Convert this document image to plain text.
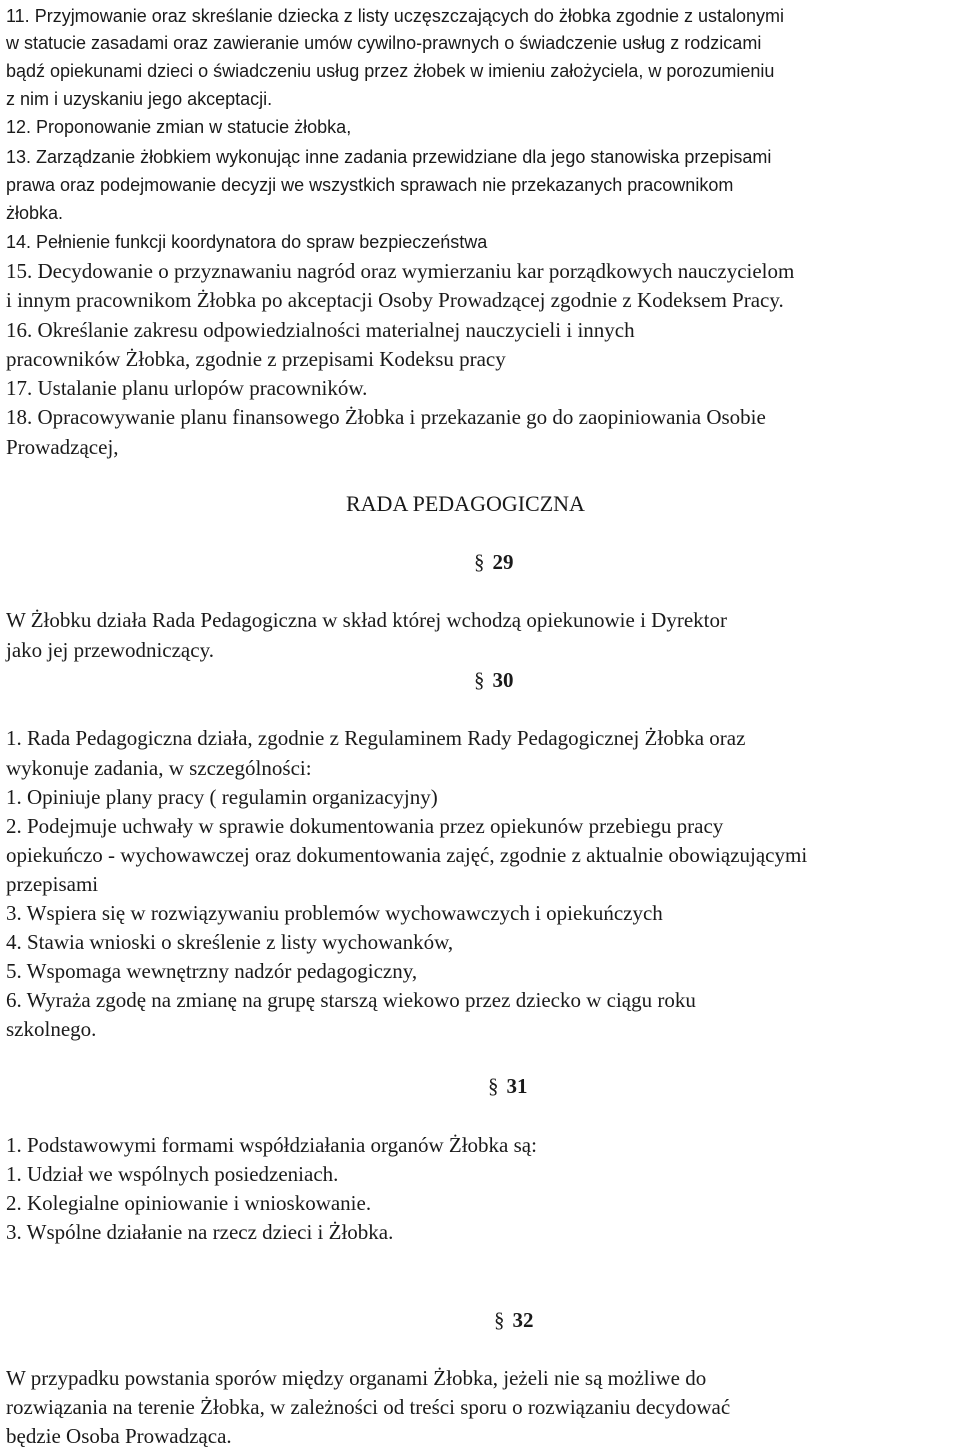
11. Przyjmowanie oraz skreślanie dziecka z listy uczęszczających do żłobka zgodnie z ustalonymi
w statucie zasadami oraz zawieranie umów cywilno-prawnych o świadczenie usług z rodzicami
bądź opiekunami dzieci o świadczeniu usług przez żłobek w imieniu założyciela, w porozumieniu
z nim i uzyskaniu jego akceptacji.
12. Proponowanie zmian w statucie żłobka,
13. Zarządzanie żłobkiem wykonując inne zadania przewidziane dla jego stanowiska przepisami
prawa oraz podejmowanie decyzji we wszystkich sprawach nie przekazanych pracownikom
żłobka.
14. Pełnienie funkcji koordynatora do spraw bezpieczeństwa
15. Decydowanie o przyznawaniu nagród oraz wymierzaniu kar porządkowych nauczycielom
i innym pracownikom Żłobka po akceptacji Osoby Prowadzącej zgodnie z Kodeksem Pracy.
16. Określanie zakresu odpowiedzialności materialnej nauczycieli i innych
pracowników Żłobka, zgodnie z przepisami Kodeksu pracy
17. Ustalanie planu urlopów pracowników.
18. Opracowywanie planu finansowego Żłobka i przekazanie go do zaopiniowania Osobie
Prowadzącej,
RADA PEDAGOGICZNA
§ 29
W Żłobku działa Rada Pedagogiczna w skład której wchodzą opiekunowie i Dyrektor
jako jej przewodniczący.
§ 30
1. Rada Pedagogiczna działa, zgodnie z Regulaminem Rady Pedagogicznej Żłobka oraz
wykonuje zadania, w szczególności:
1. Opiniuje plany pracy ( regulamin organizacyjny)
2. Podejmuje uchwały w sprawie dokumentowania przez opiekunów przebiegu pracy
opiekuńczo - wychowawczej oraz dokumentowania zajęć, zgodnie z aktualnie obowiązującymi
przepisami
3. Wspiera się w rozwiązywaniu problemów wychowawczych i opiekuńczych
4. Stawia wnioski o skreślenie z listy wychowanków,
5. Wspomaga wewnętrzny nadzór pedagogiczny,
6. Wyraża zgodę na zmianę na grupę starszą wiekowo przez dziecko w ciągu roku
szkolnego.
§ 31
1. Podstawowymi formami współdziałania organów Żłobka są:
1. Udział we wspólnych posiedzeniach.
2. Kolegialne opiniowanie i wnioskowanie.
3. Wspólne działanie na rzecz dzieci i Żłobka.
§ 32
W przypadku powstania sporów między organami Żłobka, jeżeli nie są możliwe do
rozwiązania na terenie Żłobka, w zależności od treści sporu o rozwiązaniu decydować
będzie Osoba Prowadząca.
